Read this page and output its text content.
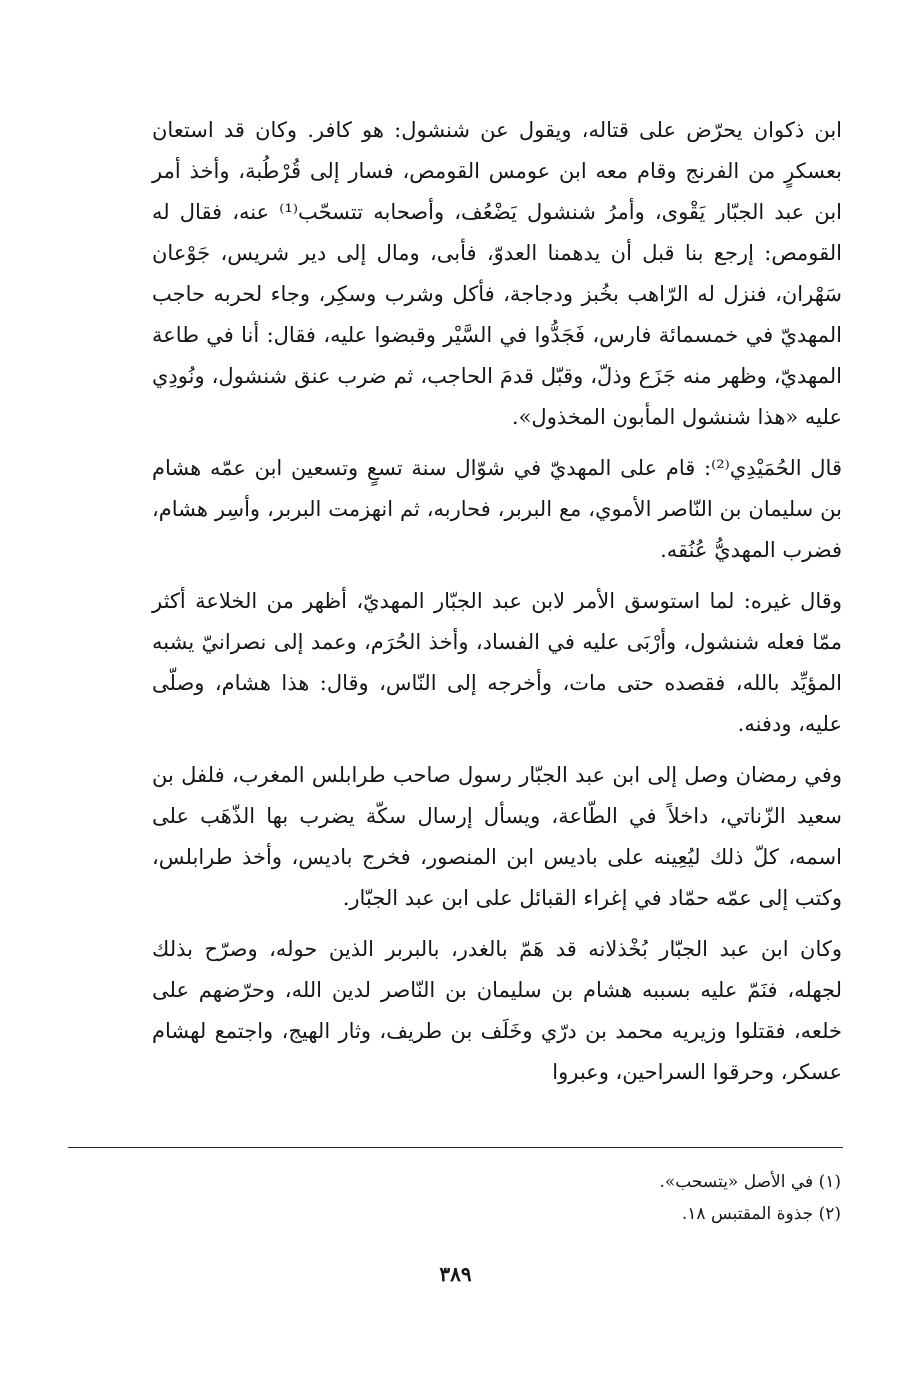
ابن ذكوان يحرّض على قتاله، ويقول عن شنشول: هو كافر. وكان قد استعان بعسكرٍ من الفرنج وقام معه ابن عومس القومص، فسار إلى قُرْطُبة، وأخذ أمر ابن عبد الجبّار يَقْوى، وأمرُ شنشول يَضْعُف، وأصحابه تتسحّب⁽¹⁾ عنه، فقال له القومص: إرجع بنا قبل أن يدهمنا العدوّ، فأبى، ومال إلى دير شريس، جَوْعان سَهْران، فنزل له الرّاهب بخُبز ودجاجة، فأكل وشرب وسكِر، وجاء لحربه حاجب المهديّ في خمسمائة فارس، فَجَدُّوا في السَّيْر وقبضوا عليه، فقال: أنا في طاعة المهديّ، وظهر منه جَزَع وذلّ، وقبّل قدمَ الحاجب، ثم ضرب عنق شنشول، ونُودِي عليه «هذا شنشول المأبون المخذول».

قال الحُمَيْدِي⁽²⁾: قام على المهديّ في شوّال سنة تسعٍ وتسعين ابن عمّه هشام بن سليمان بن النّاصر الأموي، مع البربر، فحاربه، ثم انهزمت البربر، وأسِر هشام، فضرب المهديُّ عُنُقه.

وقال غيره: لما استوسق الأمر لابن عبد الجبّار المهديّ، أظهر من الخلاعة أكثر ممّا فعله شنشول، وأرْبَى عليه في الفساد، وأخذ الحُرَم، وعمد إلى نصرانيّ يشبه المؤيِّد بالله، فقصده حتى مات، وأخرجه إلى النّاس، وقال: هذا هشام، وصلّى عليه، ودفنه.

وفي رمضان وصل إلى ابن عبد الجبّار رسول صاحب طرابلس المغرب، فلفل بن سعيد الزّناتي، داخلاً في الطّاعة، ويسأل إرسال سكّة يضرب بها الذّهَب على اسمه، كلّ ذلك ليُعِينه على باديس ابن المنصور، فخرج باديس، وأخذ طرابلس، وكتب إلى عمّه حمّاد في إغراء القبائل على ابن عبد الجبّار.

وكان ابن عبد الجبّار بُخْذلانه قد هَمّ بالغدر، بالبربر الذين حوله، وصرّح بذلك لجهله، فنَمّ عليه بسببه هشام بن سليمان بن النّاصر لدين الله، وحرّضهم على خلعه، فقتلوا وزيريه محمد بن درّي وخَلَف بن طريف، وثار الهيج، واجتمع لهشام عسكر، وحرقوا السراحين، وعبروا

(١) في الأصل «يتسحب».

(٢) جذوة المقتبس ١٨.

٣٨٩
